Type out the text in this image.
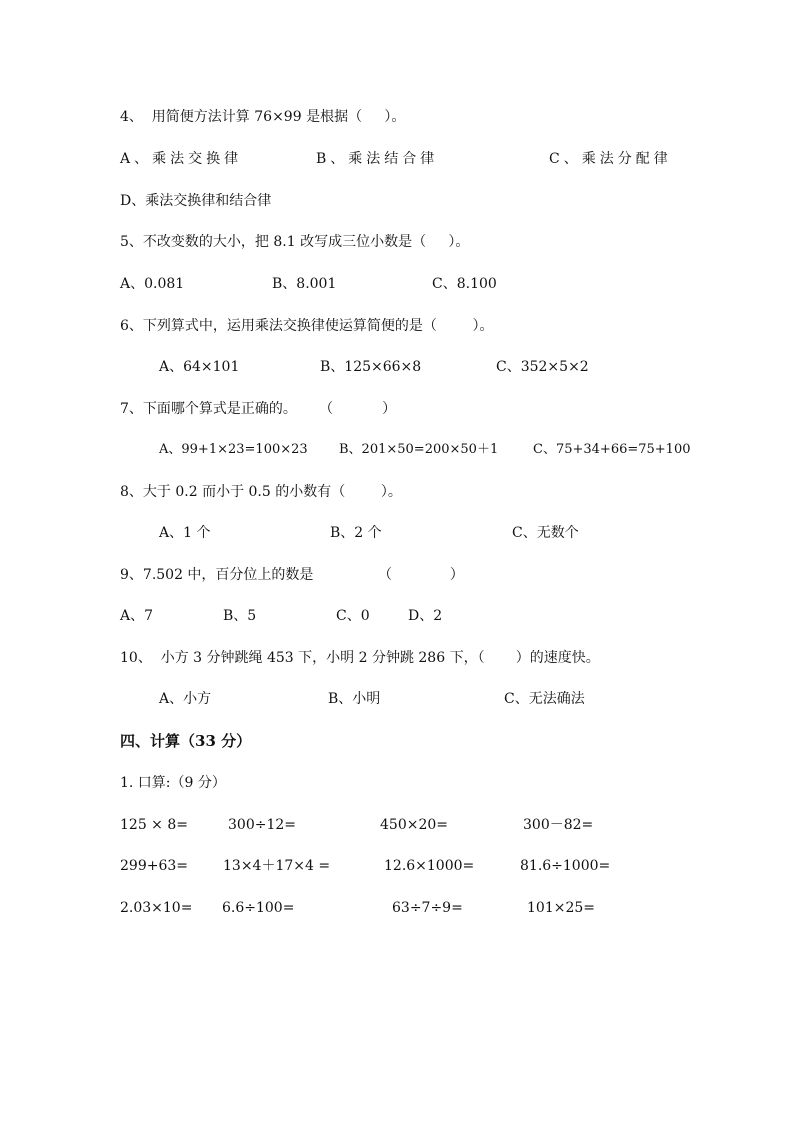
4、  用简便方法计算 76×99 是根据（     ）。
A、乘法交换律	B、乘法结合律	C、乘法分配律
D、乘法交换律和结合律
5、不改变数的大小，把 8.1 改写成三位小数是（     ）。
A、0.081	B、8.001	C、8.100
6、下列算式中，运用乘法交换律使运算简便的是（        ）。
A、64×101	B、125×66×8	C、352×5×2
7、下面哪个算式是正确的。     （           ）
A、99+1×23=100×23 B、201×50=200×50＋1	C、75+34+66=75+100
8、大于 0.2 而小于 0.5 的小数有（        ）。
A、1 个	B、2 个	C、无数个
9、7.502 中，百分位上的数是	（             ）
A、7	B、5	C、0	D、2
10、  小方 3 分钟跳绳 453 下，小明 2 分钟跳 286 下，（       ）的速度快。
A、小方	B、小明	C、无法确法
四、计算（33 分）
1. 口算:（9 分）
125 × 8=	300÷12=	450×20=	300－82=
299+63=	13×4＋17×4 =	12.6×1000=	81.6÷1000=
2.03×10= 6.6÷100=	63÷7÷9=	101×25=
